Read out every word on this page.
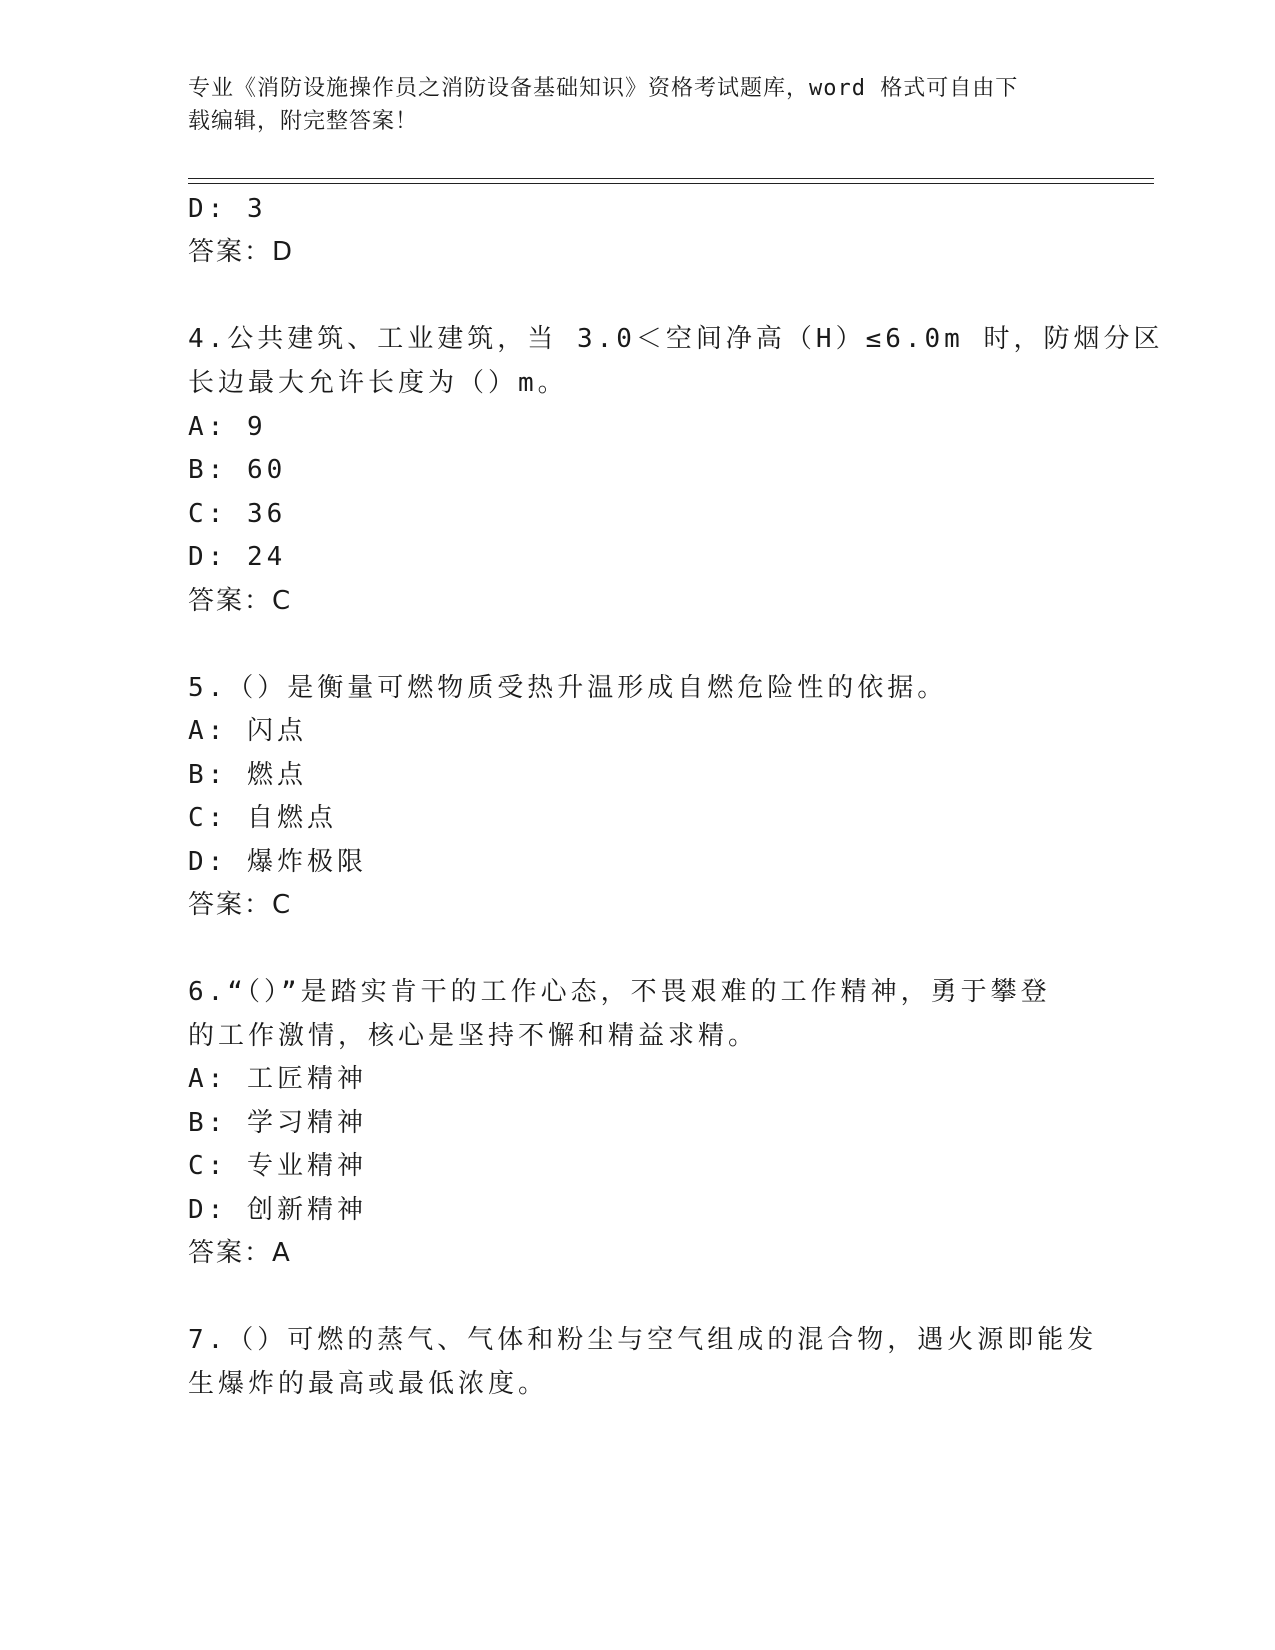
专业《消防设施操作员之消防设备基础知识》资格考试题库，word 格式可自由下
载编辑，附完整答案！
D: 3
答案：D
4.公共建筑、工业建筑，当 3.0＜空间净高（H）≤6.0m 时，防烟分区
长边最大允许长度为（）m。
A: 9
B: 60
C: 36
D: 24
答案：C
5.（）是衡量可燃物质受热升温形成自燃危险性的依据。
A: 闪点
B: 燃点
C: 自燃点
D: 爆炸极限
答案：C
6.“（）”是踏实肯干的工作心态，不畏艰难的工作精神，勇于攀登
的工作激情，核心是坚持不懈和精益求精。
A: 工匠精神
B: 学习精神
C: 专业精神
D: 创新精神
答案：A
7.（）可燃的蒸气、气体和粉尘与空气组成的混合物，遇火源即能发
生爆炸的最高或最低浓度。
